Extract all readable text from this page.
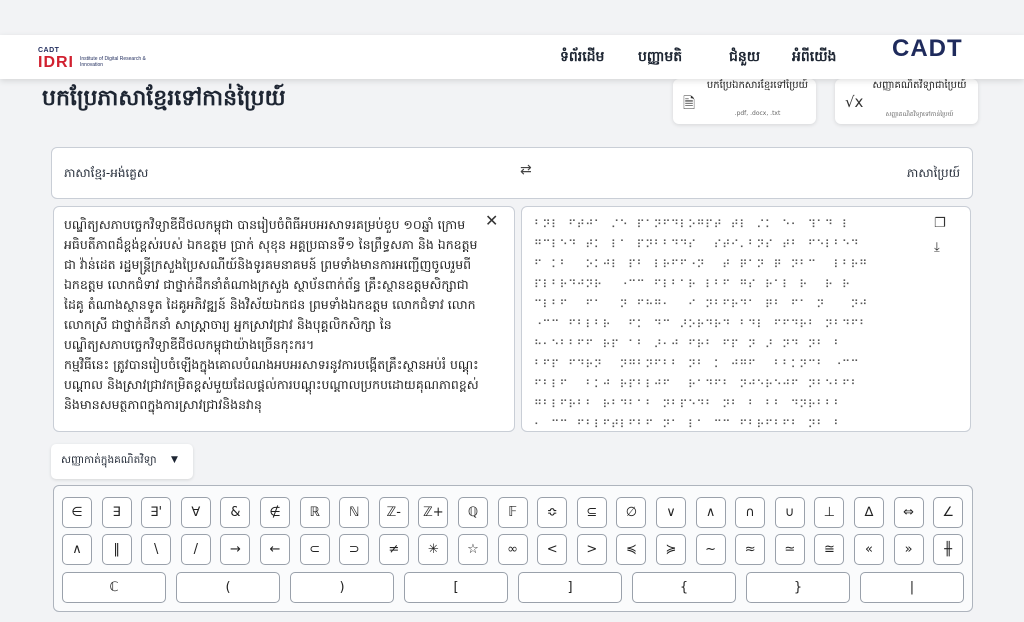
CADT
IDRI Institute of Digital Research & Innovation	ទំព័រដើម បញ្ញាមតិ	ជំនួយ អំពីយើង CADT
បកប្រែភាសាខ្មែរទៅកាន់ប្រៃយ៍	🗎
បកប្រែឯកសារខ្មែរទៅប្រៃយ៍
.pdf, .docx, .txt
√x
សញ្ញាគណិតវិទ្យាជាប្រៃយ៍
សញ្ញាគណិតវិទ្យាទៅកាន់ប្រៃយ៍
ភាសាខ្មែរ-អង់គ្លេស	⇄	ភាសាប្រៃយ៍
បណ្ឌិត្យសភាបច្ចេកវិទ្យាឌីជីថលកម្ពុជា បានរៀបចំពិធីអបអរសាទរគម្រប់ខួប ១០ឆ្នាំ ក្រោមអធិបតីភាពដ៏ខ្ពង់ខ្ពស់របស់ ឯកឧត្តម ប្រាក់ សុខុន អគ្គប្រធានទី១ នៃព្រឹទ្ធសភា និង ឯកឧត្តម ជា វ៉ាន់ដេត រដ្ឋមន្ត្រីក្រសួងប្រៃសណីយ៍និងទូរគមនាគមន៍ ព្រមទាំងមានការអញ្ជើញចូលរួមពី ឯកឧត្តម លោកជំទាវ ជាថ្នាក់ដឹកនាំតំណាងក្រសួង ស្ថាប័នពាក់ព័ន្ធ គ្រឹះស្ថានឧត្តមសិក្សាជាដៃគូ តំណាងស្ថានទូត ដៃគូអភិវឌ្ឍន៍ និងវិស័យឯកជន ព្រមទាំងឯកឧត្តម លោកជំទាវ លោក លោកស្រី ជាថ្នាក់ដឹកនាំ សាស្ត្រាចារ្យ អ្នកស្រាវជ្រាវ និងបុគ្គលិកសិក្សា នៃបណ្ឌិត្យសភាបច្ចេកវិទ្យាឌីជីថលកម្ពុជាយ៉ាងច្រើនកុះករ។
កម្មវិធីនេះ ត្រូវបានរៀបចំឡើងក្នុងគោលបំណងអបអរសាទរនូវការបង្កើតគ្រឹះស្ថានអប់រំ បណ្តុះបណ្តាល និងស្រាវជ្រាវកម្រិតខ្ពស់មួយដែលផ្តល់ការបណ្តុះបណ្តាលប្រកបដោយគុណភាពខ្ពស់ និងមានសមត្ថភាពក្នុងការស្រាវជ្រាវនិងនវានុ
✕	⠃⠝⠇⠀⠋⠞⠚⠁⠀⠌⠑⠀⠏⠁⠝⠋⠙⠇⠕⠛⠏⠞⠀⠞⠇⠀⠌⠅⠀⠑⠂⠀⠹⠁⠙⠀⠇
⠛⠉⠇⠑⠙⠀⠞⠅⠀⠇⠁⠀⠏⠝⠃⠃⠙⠙⠎⠀⠀⠎⠞⠊⠄⠃⠝⠎⠀⠞⠃⠀⠋⠑⠇⠃⠑⠙
⠋⠀⠅⠃⠀⠀⠕⠅⠚⠇⠀⠏⠃⠀⠇⠗⠋⠋⠐⠝⠀⠀⠞⠀⠟⠁⠝⠀⠟⠀⠝⠃⠉⠀⠀⠇⠃⠗⠛
⠏⠇⠃⠗⠙⠚⠝⠗⠀⠀⠐⠉⠉⠀⠋⠇⠃⠁⠗⠀⠇⠃⠋⠀⠛⠎⠀⠗⠁⠇⠀⠗⠀⠀⠗⠀⠗
⠉⠇⠃⠋⠀⠀⠋⠁⠀⠀⠝⠀⠋⠓⠛⠂⠀⠀⠊⠀⠝⠃⠋⠗⠙⠁⠀⠟⠃⠀⠋⠁⠀⠝⠀⠀⠀⠝⠚
⠐⠉⠉⠀⠋⠃⠇⠃⠗⠀⠀⠋⠅⠀⠙⠉⠀⠜⠕⠗⠙⠗⠙⠀⠃⠙⠇⠀⠋⠋⠙⠗⠃⠀⠝⠃⠙⠋⠃
⠓⠂⠑⠃⠃⠋⠋⠀⠗⠏⠀⠁⠃⠀⠜⠂⠚⠀⠋⠗⠃⠀⠋⠏⠀⠝⠀⠜⠀⠝⠙⠀⠝⠃⠀⠃
⠃⠋⠏⠀⠋⠙⠗⠝⠀⠀⠝⠛⠃⠝⠋⠃⠃⠀⠝⠃⠀⠅⠀⠚⠛⠋⠀⠀⠃⠃⠅⠝⠉⠃⠀⠐⠉⠉
⠋⠃⠇⠋⠀⠀⠃⠅⠚⠀⠗⠏⠃⠇⠚⠋⠀⠀⠗⠁⠙⠋⠃⠀⠝⠚⠑⠗⠑⠚⠋⠀⠝⠃⠑⠃⠋⠃
⠛⠃⠇⠋⠗⠃⠃⠀⠗⠃⠙⠃⠁⠃⠀⠝⠃⠏⠑⠙⠃⠀⠝⠃⠀⠃⠀⠃⠃⠀⠙⠝⠗⠃⠃⠃
⠂⠀⠉⠉⠀⠋⠃⠇⠋⠞⠇⠋⠃⠋⠀⠝⠁⠀⠇⠁⠀⠉⠉⠀⠋⠃⠗⠋⠃⠋⠃⠀⠝⠃⠀⠃
❐
⤓
សញ្ញាកាត់ក្នុងគណិតវិទ្យា ▼
∈	∃	∃'	∀	&	∉	ℝ	ℕ	ℤ-	ℤ+	ℚ	𝔽	≎	⊆	∅	∨	∧	∩	∪	⊥	∆	⇔	∠
∧	‖	\	/	→	←	⊂	⊃	≠	✳	☆	∞	<	>	≼	≽	~	≈	≃	≅	«	»	╫
ℂ	(	)	[	]	{	}	|
